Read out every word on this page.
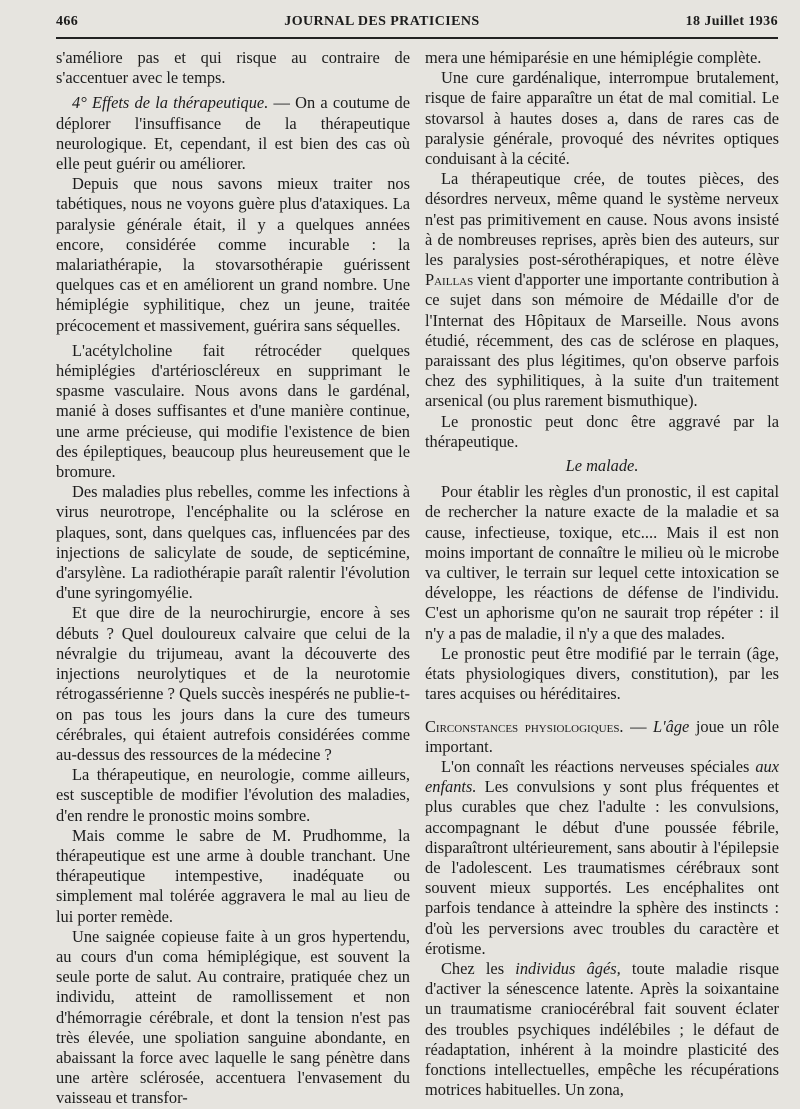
466	JOURNAL DES PRATICIENS	18 Juillet 1936

s'améliore pas et qui risque au contraire de s'accentuer avec le temps.

4° Effets de la thérapeutique. — On a coutume de déplorer l'insuffisance de la thérapeutique neurologique. Et, cependant, il est bien des cas où elle peut guérir ou améliorer.

Depuis que nous savons mieux traiter nos tabétiques, nous ne voyons guère plus d'ataxiques. La paralysie générale était, il y a quelques années encore, considérée comme incurable : la malariathérapie, la stovarsothérapie guérissent quelques cas et en améliorent un grand nombre. Une hémiplégie syphilitique, chez un jeune, traitée précocement et massivement, guérira sans séquelles.

L'acétylcholine fait rétrocéder quelques hémiplégies d'artérioscléreux en supprimant le spasme vasculaire. Nous avons dans le gardénal, manié à doses suffisantes et d'une manière continue, une arme précieuse, qui modifie l'existence de bien des épileptiques, beaucoup plus heureusement que le bromure.

Des maladies plus rebelles, comme les infections à virus neurotrope, l'encéphalite ou la sclérose en plaques, sont, dans quelques cas, influencées par des injections de salicylate de soude, de septicémine, d'arsylène. La radiothérapie paraît ralentir l'évolution d'une syringomyélie.

Et que dire de la neurochirurgie, encore à ses débuts ? Quel douloureux calvaire que celui de la névralgie du trijumeau, avant la découverte des injections neurolytiques et de la neurotomie rétrogassérienne ? Quels succès inespérés ne publie-t-on pas tous les jours dans la cure des tumeurs cérébrales, qui étaient autrefois considérées comme au-dessus des ressources de la médecine ?

La thérapeutique, en neurologie, comme ailleurs, est susceptible de modifier l'évolution des maladies, d'en rendre le pronostic moins sombre.

Mais comme le sabre de M. Prudhomme, la thérapeutique est une arme à double tranchant. Une thérapeutique intempestive, inadéquate ou simplement mal tolérée aggravera le mal au lieu de lui porter remède.

Une saignée copieuse faite à un gros hypertendu, au cours d'un coma hémiplégique, est souvent la seule porte de salut. Au contraire, pratiquée chez un individu, atteint de ramollissement et non d'hémorragie cérébrale, et dont la tension n'est pas très élevée, une spoliation sanguine abondante, en abaissant la force avec laquelle le sang pénètre dans une artère sclérosée, accentuera l'envasement du vaisseau et transfor-

mera une hémiparésie en une hémiplégie complète.

Une cure gardénalique, interrompue brutalement, risque de faire apparaître un état de mal comitial. Le stovarsol à hautes doses a, dans de rares cas de paralysie générale, provoqué des névrites optiques conduisant à la cécité.

La thérapeutique crée, de toutes pièces, des désordres nerveux, même quand le système nerveux n'est pas primitivement en cause. Nous avons insisté à de nombreuses reprises, après bien des auteurs, sur les paralysies post-sérothérapiques, et notre élève Paillas vient d'apporter une importante contribution à ce sujet dans son mémoire de Médaille d'or de l'Internat des Hôpitaux de Marseille. Nous avons étudié, récemment, des cas de sclérose en plaques, paraissant des plus légitimes, qu'on observe parfois chez des syphilitiques, à la suite d'un traitement arsenical (ou plus rarement bismuthique).

Le pronostic peut donc être aggravé par la thérapeutique.

Le malade.

Pour établir les règles d'un pronostic, il est capital de rechercher la nature exacte de la maladie et sa cause, infectieuse, toxique, etc.... Mais il est non moins important de connaître le milieu où le microbe va cultiver, le terrain sur lequel cette intoxication se développe, les réactions de défense de l'individu. C'est un aphorisme qu'on ne saurait trop répéter : il n'y a pas de maladie, il n'y a que des malades.

Le pronostic peut être modifié par le terrain (âge, états physiologiques divers, constitution), par les tares acquises ou héréditaires.

Circonstances physiologiques. — L'âge joue un rôle important.

L'on connaît les réactions nerveuses spéciales aux enfants. Les convulsions y sont plus fréquentes et plus curables que chez l'adulte : les convulsions, accompagnant le début d'une poussée fébrile, disparaîtront ultérieurement, sans aboutir à l'épilepsie de l'adolescent. Les traumatismes cérébraux sont souvent mieux supportés. Les encéphalites ont parfois tendance à atteindre la sphère des instincts : d'où les perversions avec troubles du caractère et érotisme.

Chez les individus âgés, toute maladie risque d'activer la sénescence latente. Après la soixantaine un traumatisme craniocérébral fait souvent éclater des troubles psychiques indélébiles ; le défaut de réadaptation, inhérent à la moindre plasticité des fonctions intellectuelles, empêche les récupérations motrices habituelles. Un zona,
